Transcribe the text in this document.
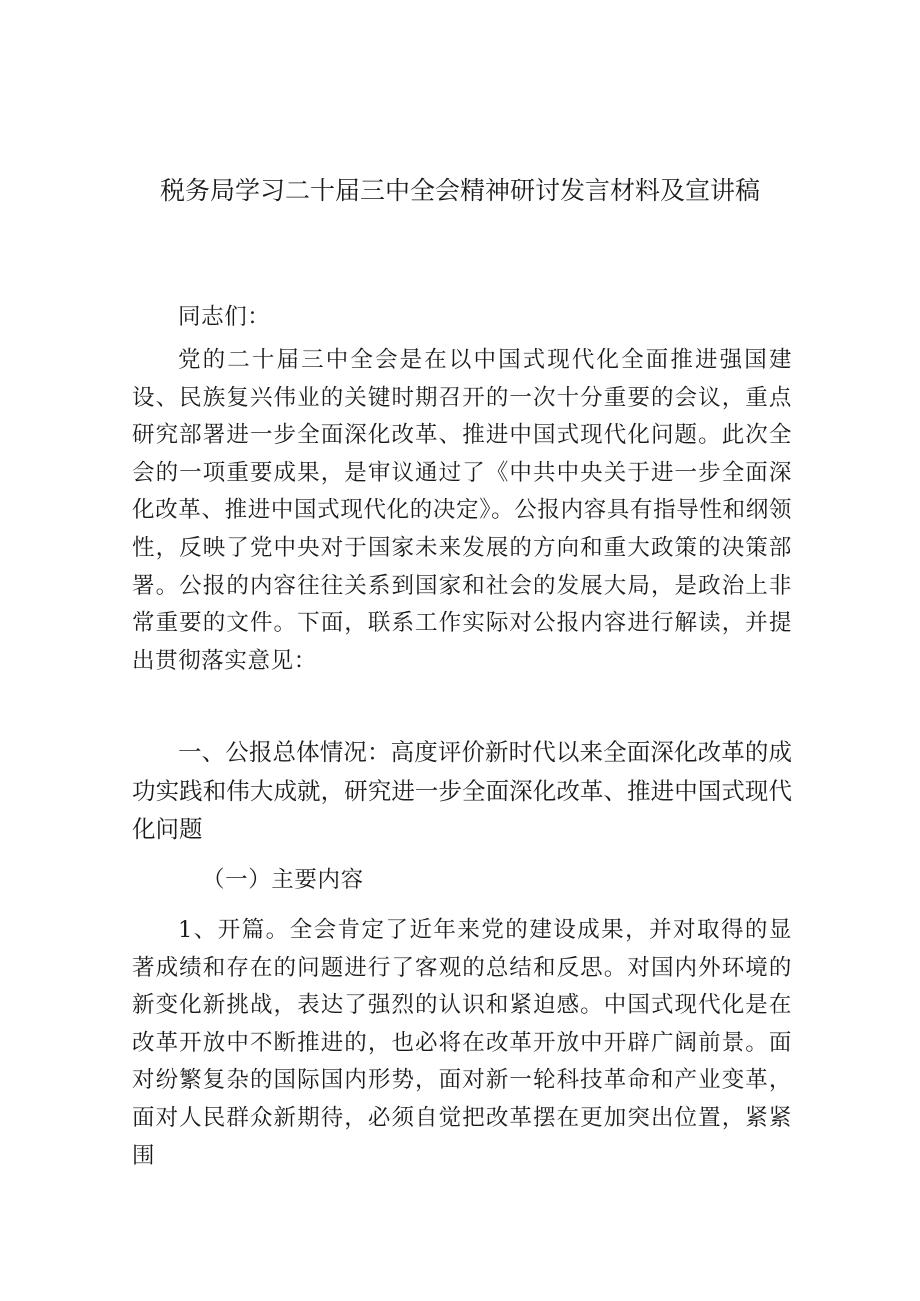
税务局学习二十届三中全会精神研讨发言材料及宣讲稿

同志们：

党的二十届三中全会是在以中国式现代化全面推进强国建设、民族复兴伟业的关键时期召开的一次十分重要的会议，重点研究部署进一步全面深化改革、推进中国式现代化问题。此次全会的一项重要成果，是审议通过了《中共中央关于进一步全面深化改革、推进中国式现代化的决定》。公报内容具有指导性和纲领性，反映了党中央对于国家未来发展的方向和重大政策的决策部署。公报的内容往往关系到国家和社会的发展大局，是政治上非常重要的文件。下面，联系工作实际对公报内容进行解读，并提出贯彻落实意见：

一、公报总体情况：高度评价新时代以来全面深化改革的成功实践和伟大成就，研究进一步全面深化改革、推进中国式现代化问题

（一）主要内容

1、开篇。全会肯定了近年来党的建设成果，并对取得的显著成绩和存在的问题进行了客观的总结和反思。对国内外环境的新变化新挑战，表达了强烈的认识和紧迫感。中国式现代化是在改革开放中不断推进的，也必将在改革开放中开辟广阔前景。面对纷繁复杂的国际国内形势，面对新一轮科技革命和产业变革，面对人民群众新期待，必须自觉把改革摆在更加突出位置，紧紧围
